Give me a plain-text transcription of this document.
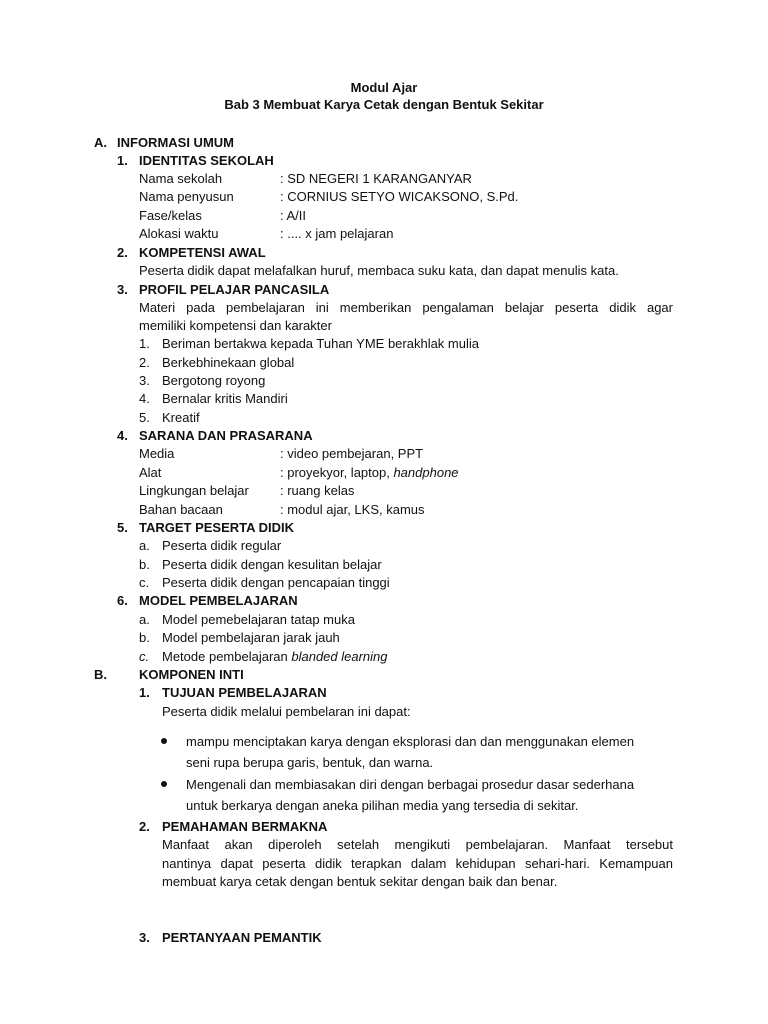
Modul Ajar
Bab 3 Membuat Karya Cetak dengan Bentuk Sekitar
A. INFORMASI UMUM
1. IDENTITAS SEKOLAH
Nama sekolah	: SD NEGERI 1 KARANGANYAR
Nama penyusun	: CORNIUS SETYO WICAKSONO, S.Pd.
Fase/kelas	: A/II
Alokasi waktu	: .... x jam pelajaran
2. KOMPETENSI AWAL
Peserta didik dapat melafalkan huruf, membaca suku kata, dan dapat menulis kata.
3. PROFIL PELAJAR PANCASILA
Materi pada pembelajaran ini memberikan pengalaman belajar peserta didik agar
memiliki kompetensi dan karakter
1. Beriman bertakwa kepada Tuhan YME berakhlak mulia
2. Berkebhinekaan global
3. Bergotong royong
4. Bernalar kritis Mandiri
5. Kreatif
4. SARANA DAN PRASARANA
Media	: video pembejaran, PPT
Alat	: proyekyor, laptop, handphone
Lingkungan belajar : ruang kelas
Bahan bacaan	: modul ajar, LKS, kamus
5. TARGET PESERTA DIDIK
a. Peserta didik regular
b. Peserta didik dengan kesulitan belajar
c. Peserta didik dengan pencapaian tinggi
6. MODEL PEMBELAJARAN
a. Model pemebelajaran tatap muka
b. Model pembelajaran jarak jauh
c. Metode pembelajaran blanded learning
B. KOMPONEN INTI
1. TUJUAN PEMBELAJARAN
Peserta didik melalui pembelaran ini dapat:
mampu menciptakan karya dengan eksplorasi dan dan menggunakan elemen
seni rupa berupa garis, bentuk, dan warna.
Mengenali dan membiasakan diri dengan berbagai prosedur dasar sederhana
untuk berkarya dengan aneka pilihan media yang tersedia di sekitar.
2. PEMAHAMAN BERMAKNA
Manfaat akan diperoleh setelah mengikuti pembelajaran. Manfaat tersebut
nantinya dapat peserta didik terapkan dalam kehidupan sehari-hari. Kemampuan
membuat karya cetak dengan bentuk sekitar dengan baik dan benar.
3. PERTANYAAN PEMANTIK
